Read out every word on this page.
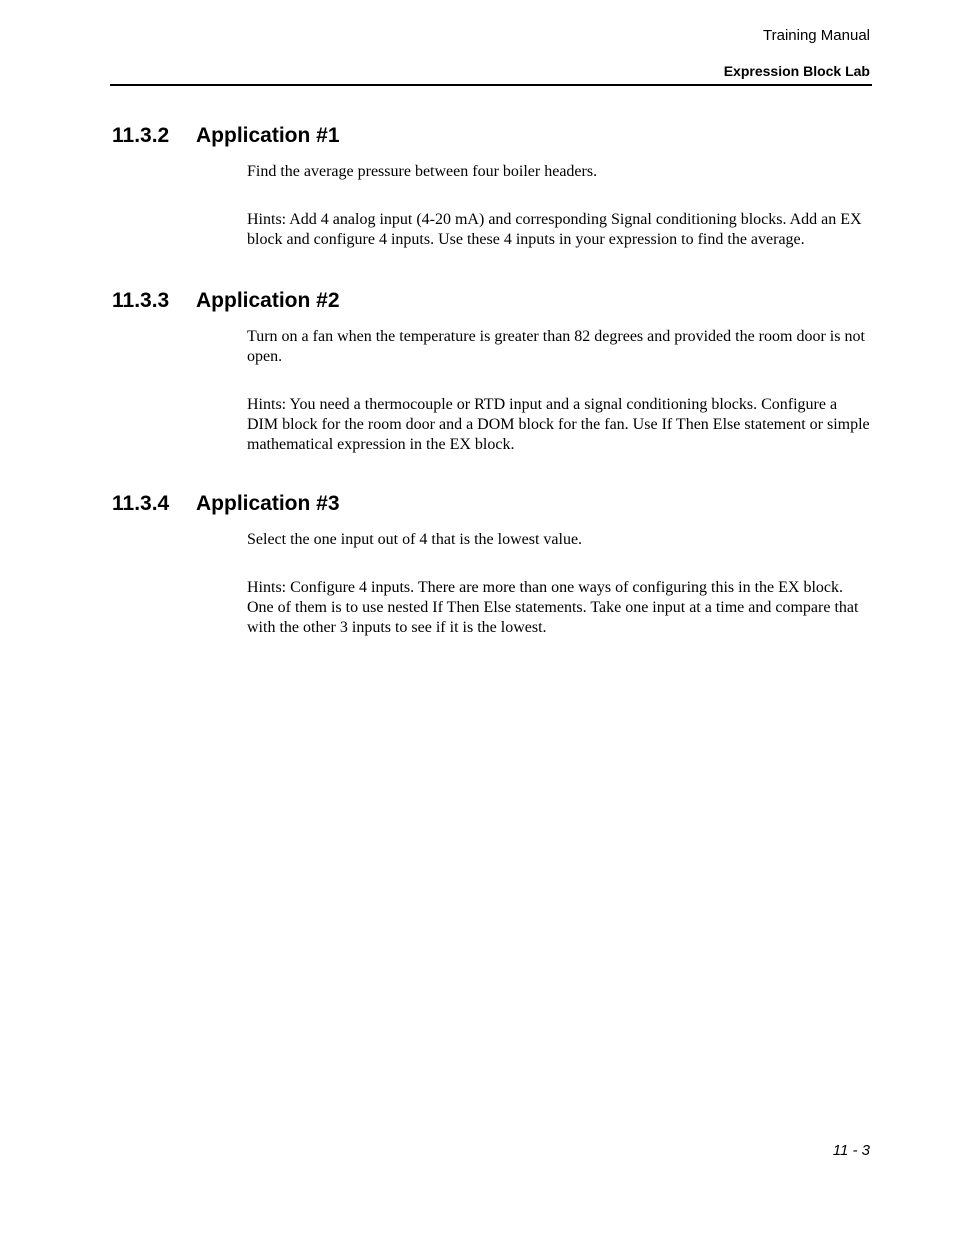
Training Manual
Expression Block Lab
11.3.2 Application #1

Find the average pressure between four boiler headers.

Hints: Add 4 analog input (4-20 mA) and corresponding Signal conditioning blocks. Add an EX block and configure 4 inputs. Use these 4 inputs in your expression to find the average.

11.3.3 Application #2

Turn on a fan when the temperature is greater than 82 degrees and provided the room door is not open.

Hints: You need a thermocouple or RTD input and a signal conditioning blocks. Configure a DIM block for the room door and a DOM block for the fan. Use If Then Else statement or simple mathematical expression in the EX block.

11.3.4 Application #3

Select the one input out of 4 that is the lowest value.

Hints: Configure 4 inputs. There are more than one ways of configuring this in the EX block. One of them is to use nested If Then Else statements. Take one input at a time and compare that with the other 3 inputs to see if it is the lowest.

11 - 3
